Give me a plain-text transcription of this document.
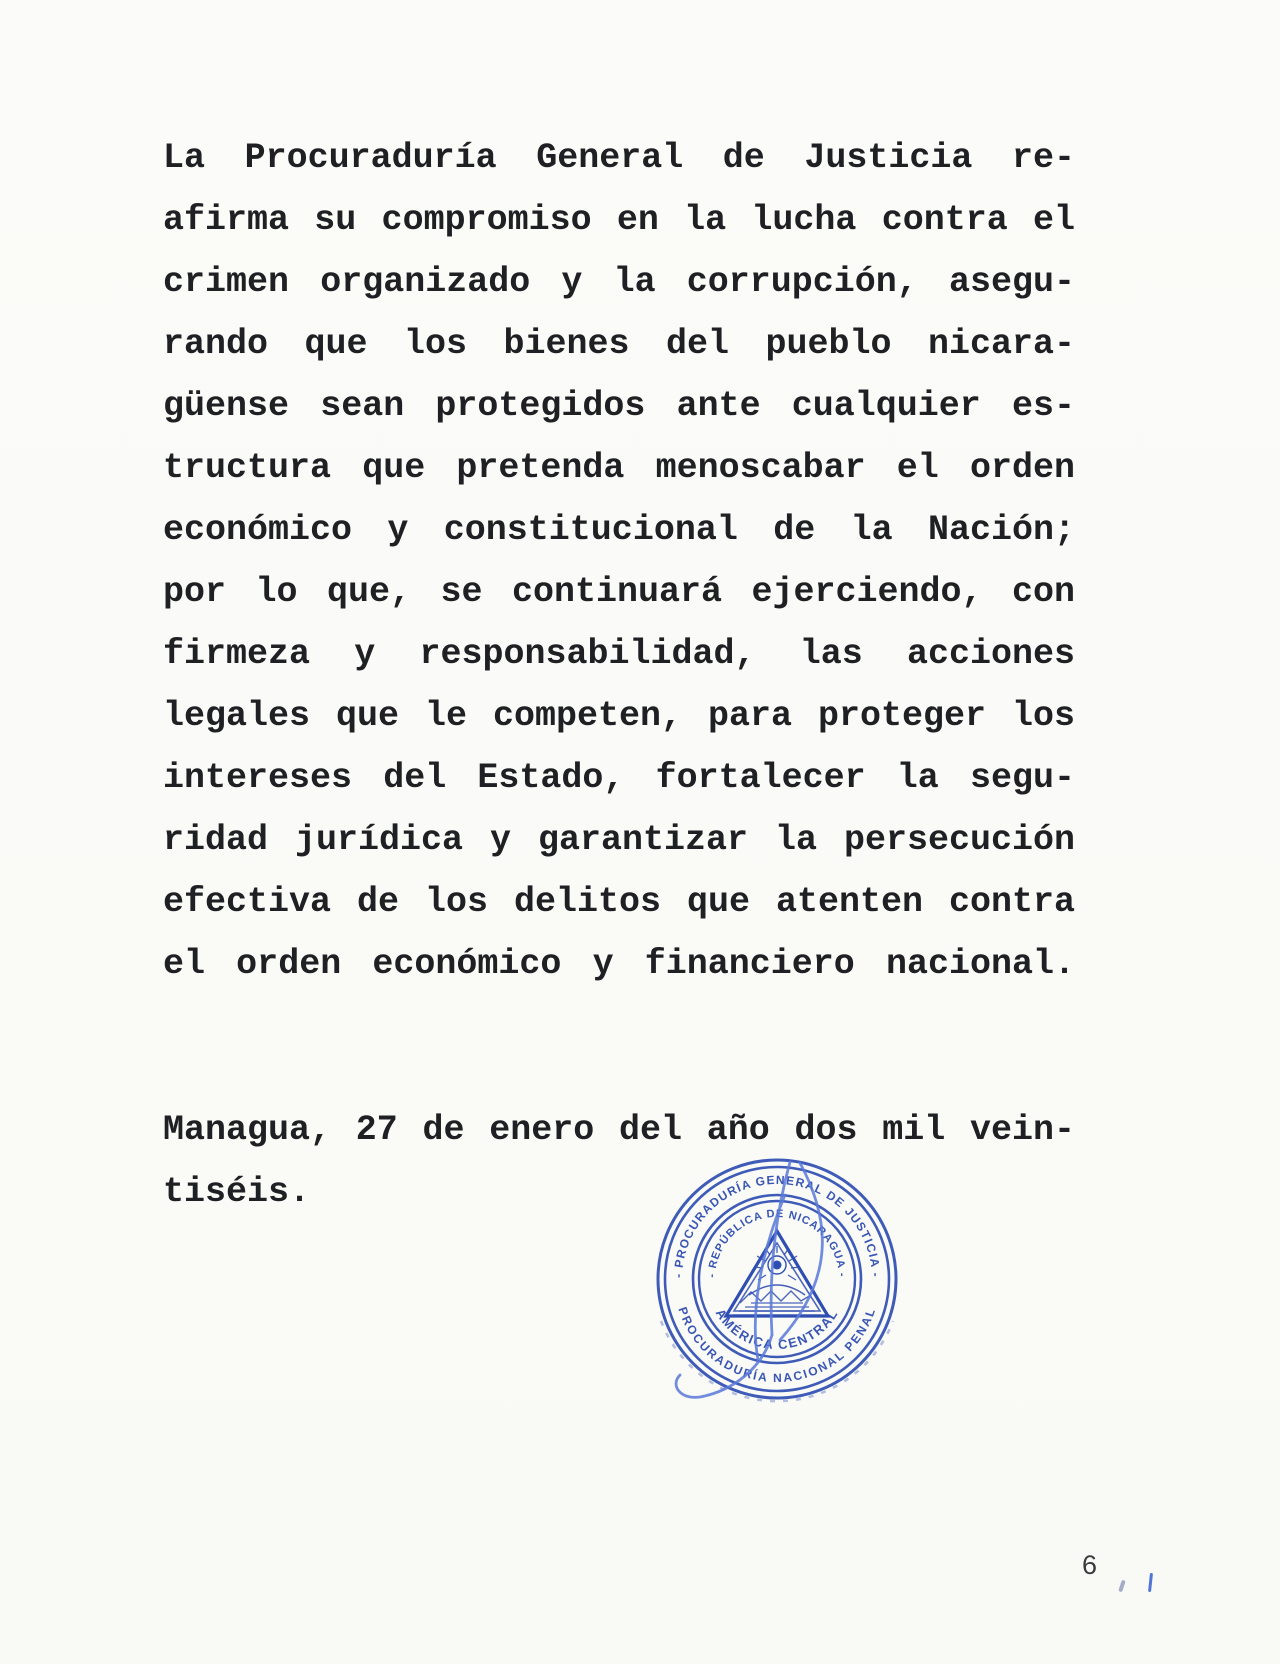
La Procuraduría General de Justicia re-
afirma su compromiso en la lucha contra el
crimen organizado y la corrupción, asegu-
rando que los bienes del pueblo nicara-
güense sean protegidos ante cualquier es-
tructura que pretenda menoscabar el orden
económico y constitucional de la Nación;
por lo que, se continuará ejerciendo, con
firmeza y responsabilidad, las acciones
legales que le competen, para proteger los
intereses del Estado, fortalecer la segu-
ridad jurídica y garantizar la persecución
efectiva de los delitos que atenten contra
el orden económico y financiero nacional.
Managua, 27 de enero del año dos mil vein-
tiséis.
- PROCURADURÍA GENERAL DE JUSTICIA -
PROCURADURÍA NACIONAL PENAL
- REPÚBLICA DE NICARAGUA -
AMÉRICA CENTRAL
6
